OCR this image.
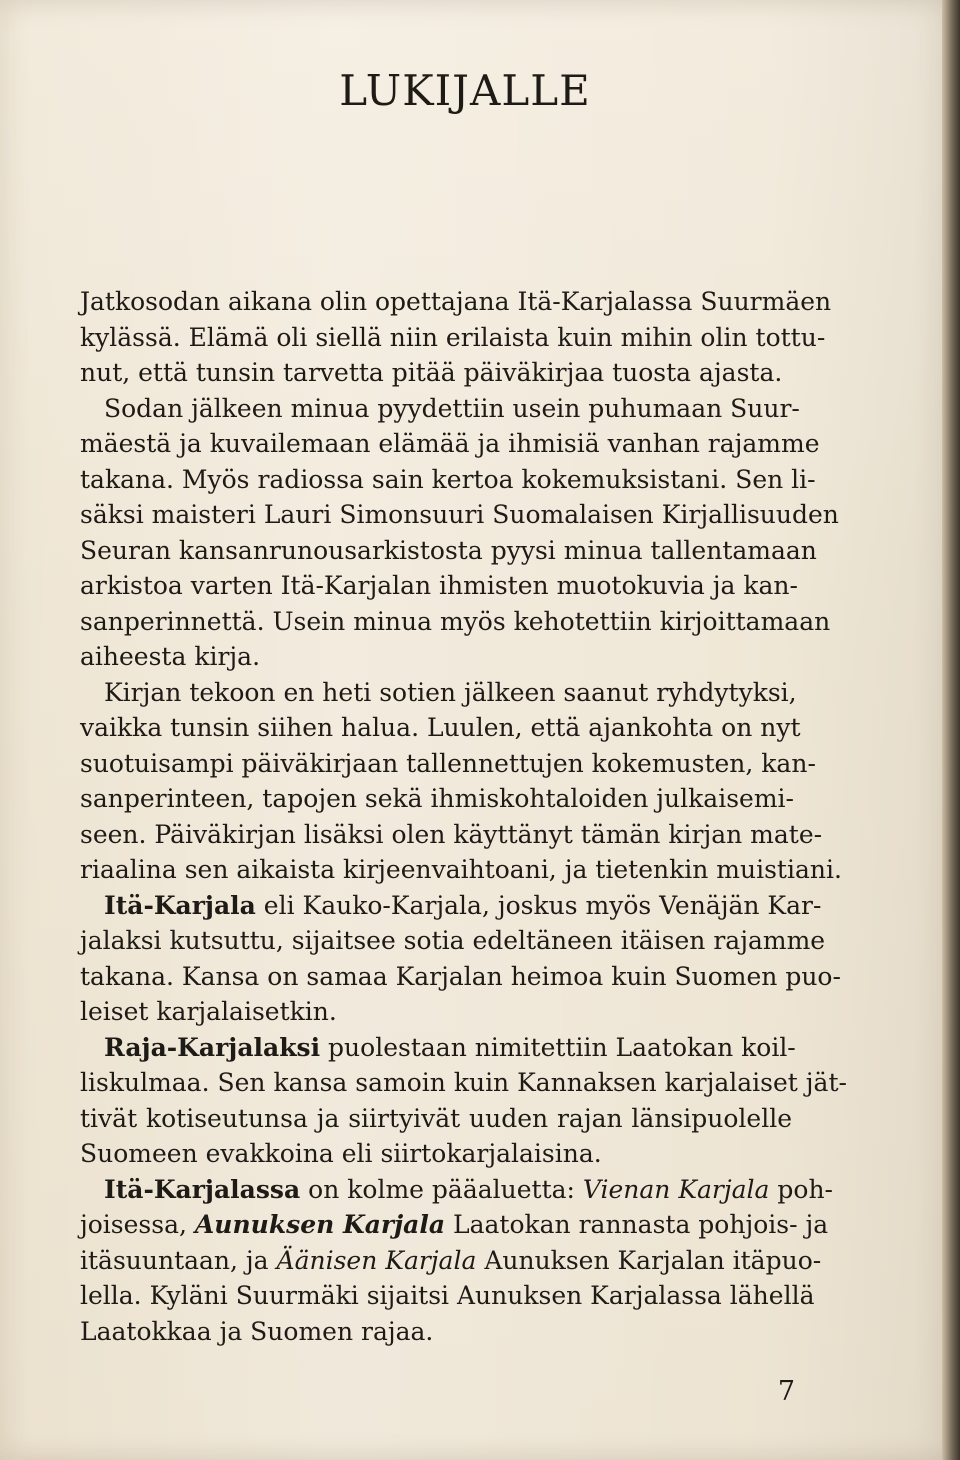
LUKIJALLE

Jatkosodan aikana olin opettajana Itä-Karjalassa Suurmäen
kylässä. Elämä oli siellä niin erilaista kuin mihin olin tottu-
nut, että tunsin tarvetta pitää päiväkirjaa tuosta ajasta.

Sodan jälkeen minua pyydettiin usein puhumaan Suur-
mäestä ja kuvailemaan elämää ja ihmisiä vanhan rajamme
takana. Myös radiossa sain kertoa kokemuksistani. Sen li-
säksi maisteri Lauri Simonsuuri Suomalaisen Kirjallisuuden
Seuran kansanrunousarkistosta pyysi minua tallentamaan
arkistoa varten Itä-Karjalan ihmisten muotokuvia ja kan-
sanperinnettä. Usein minua myös kehotettiin kirjoittamaan
aiheesta kirja.

Kirjan tekoon en heti sotien jälkeen saanut ryhdytyksi,
vaikka tunsin siihen halua. Luulen, että ajankohta on nyt
suotuisampi päiväkirjaan tallennettujen kokemusten, kan-
sanperinteen, tapojen sekä ihmiskohtaloiden julkaisemi-
seen. Päiväkirjan lisäksi olen käyttänyt tämän kirjan mate-
riaalina sen aikaista kirjeenvaihtoani, ja tietenkin muistiani.

Itä-Karjala eli Kauko-Karjala, joskus myös Venäjän Kar-
jalaksi kutsuttu, sijaitsee sotia edeltäneen itäisen rajamme
takana. Kansa on samaa Karjalan heimoa kuin Suomen puo-
leiset karjalaisetkin.

Raja-Karjalaksi puolestaan nimitettiin Laatokan koil-
liskulmaa. Sen kansa samoin kuin Kannaksen karjalaiset jät-
tivät kotiseutunsa ja siirtyivät uuden rajan länsipuolelle
Suomeen evakkoina eli siirtokarjalaisina.

Itä-Karjalassa on kolme pääaluetta: Vienan Karjala poh-
joisessa, Aunuksen Karjala Laatokan rannasta pohjois- ja
itäsuuntaan, ja Äänisen Karjala Aunuksen Karjalan itäpuo-
lella. Kyläni Suurmäki sijaitsi Aunuksen Karjalassa lähellä
Laatokkaa ja Suomen rajaa.

7
